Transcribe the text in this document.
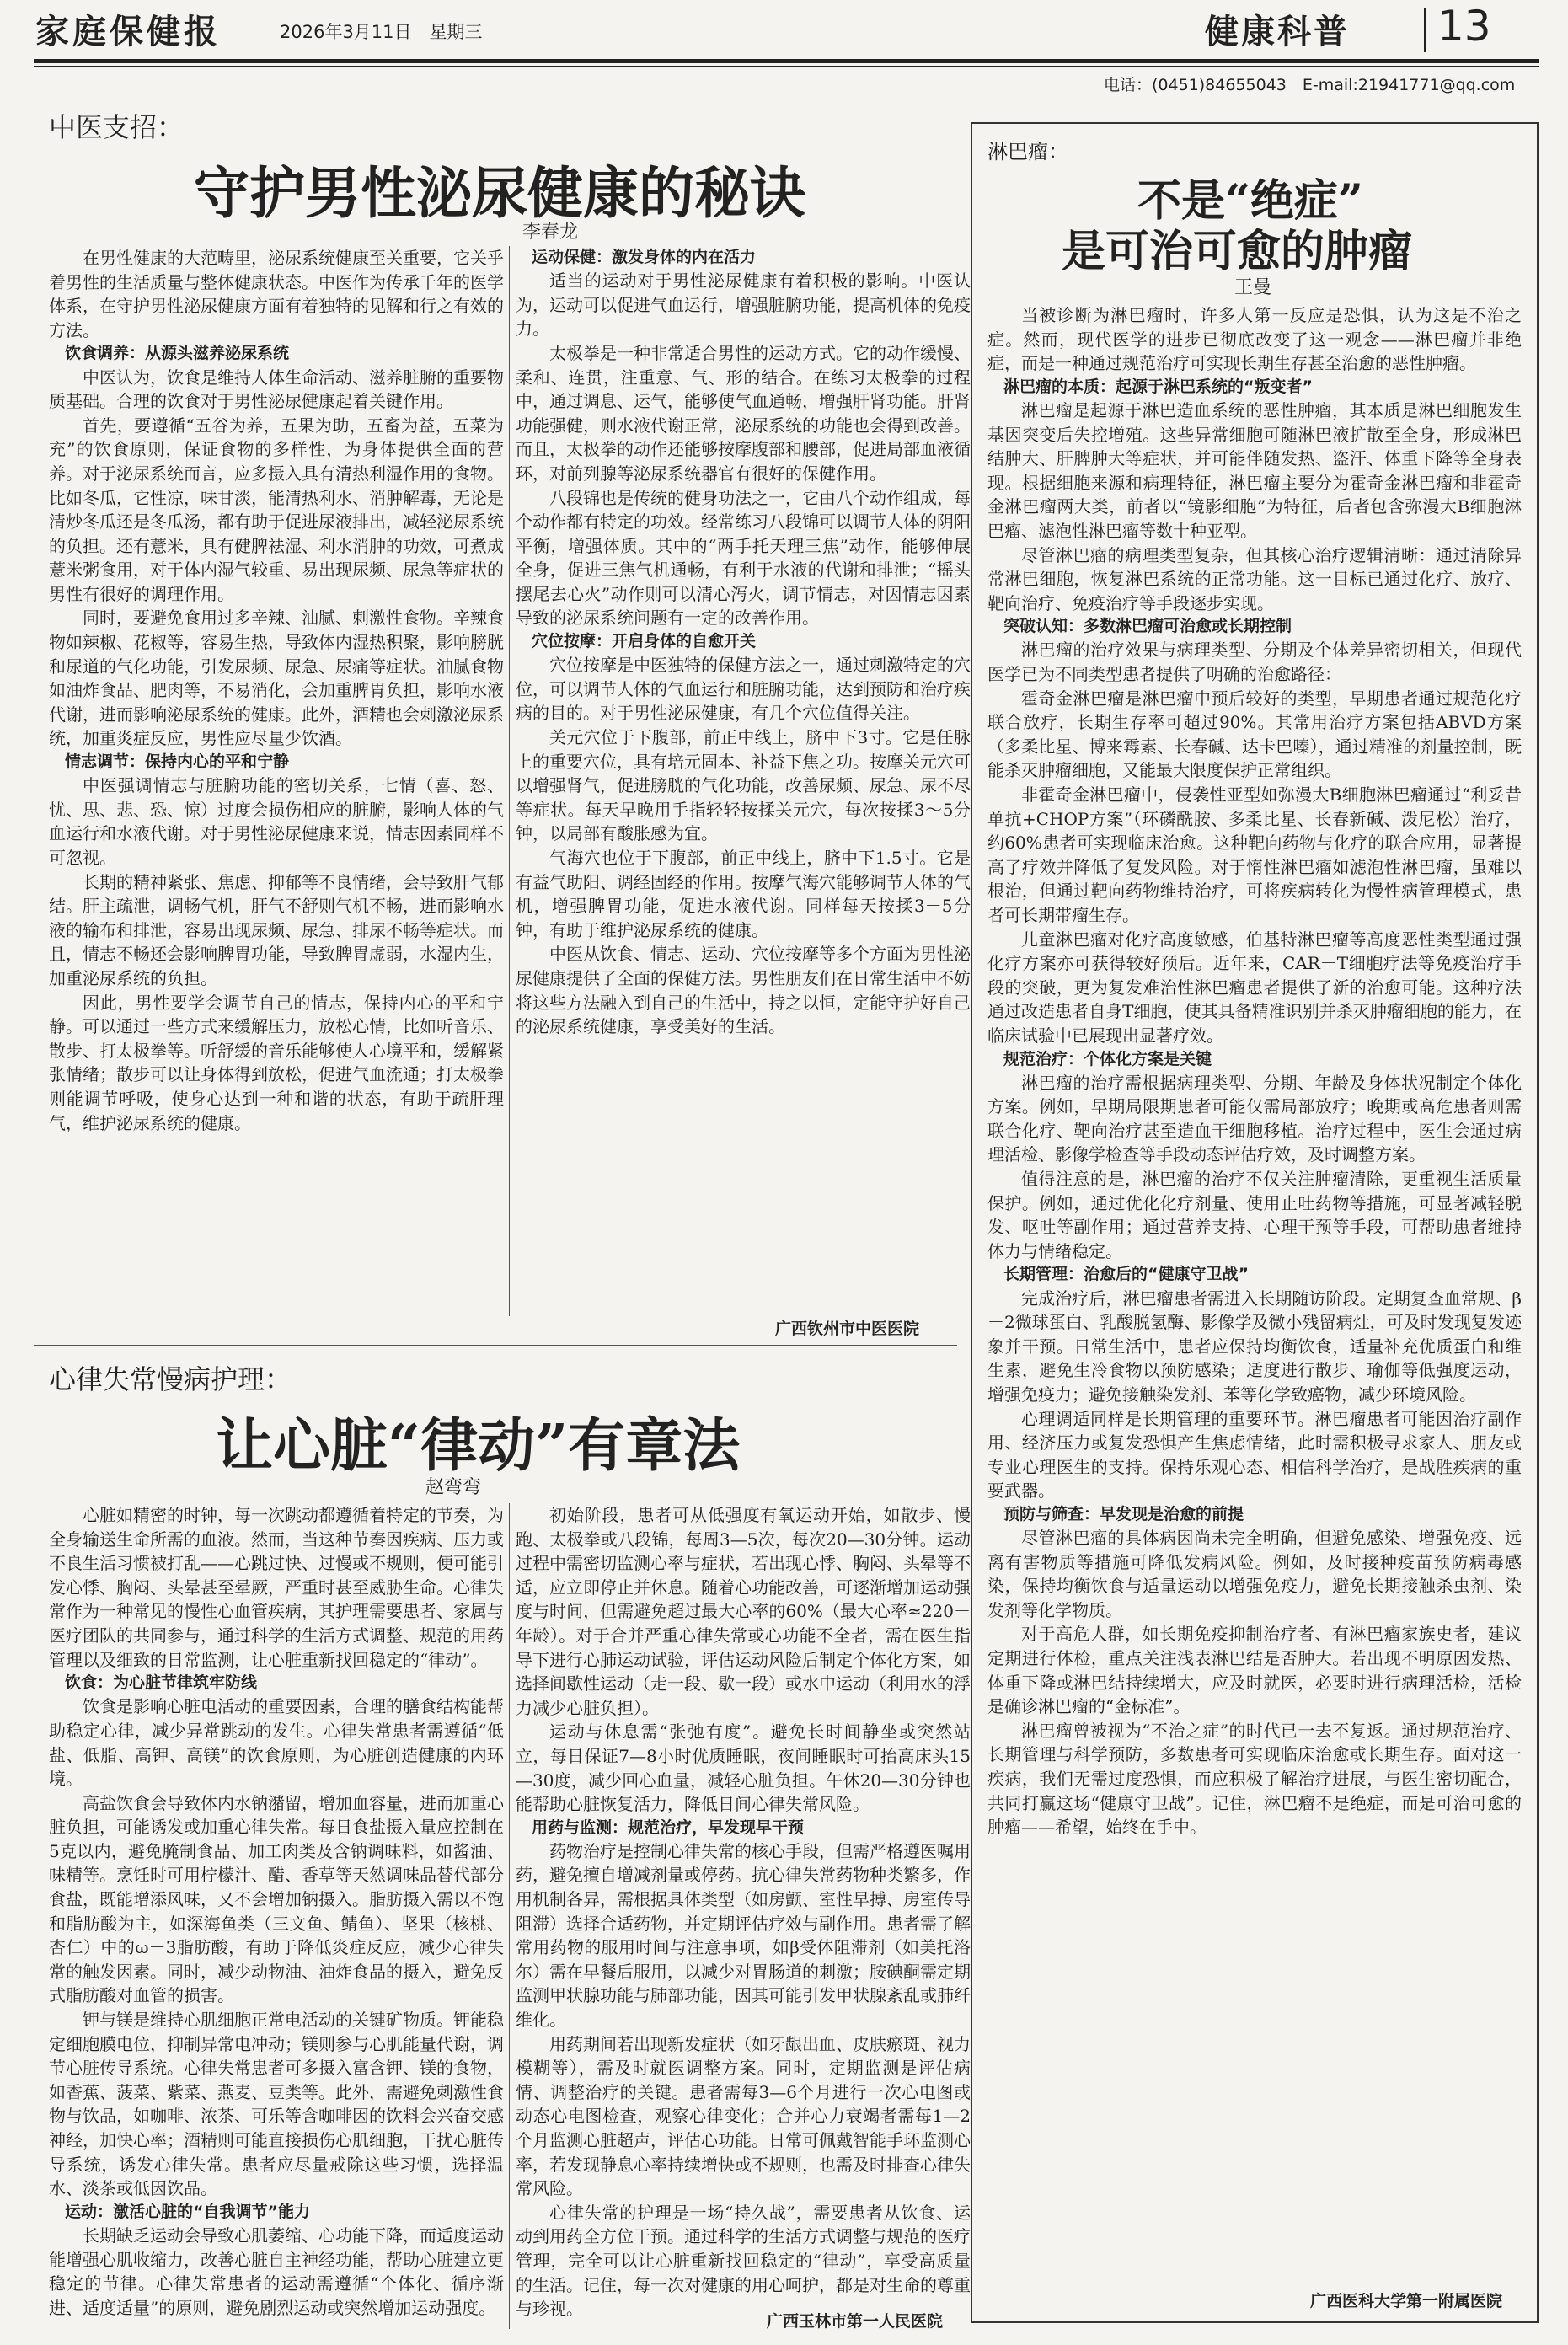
家庭保健报	2026年3月11日　星期三	健康科普 13
电话：(0451)84655043　E-mail:21941771@qq.com
中医支招：
守护男性泌尿健康的秘诀
李春龙

在男性健康的大范畴里，泌尿系统健康至关重要，它关乎着男性的生活质量与整体健康状态。中医作为传承千年的医学体系，在守护男性泌尿健康方面有着独特的见解和行之有效的方法。

饮食调养：从源头滋养泌尿系统

中医认为，饮食是维持人体生命活动、滋养脏腑的重要物质基础。合理的饮食对于男性泌尿健康起着关键作用。

首先，要遵循“五谷为养，五果为助，五畜为益，五菜为充”的饮食原则，保证食物的多样性，为身体提供全面的营养。对于泌尿系统而言，应多摄入具有清热利湿作用的食物。比如冬瓜，它性凉，味甘淡，能清热利水、消肿解毒，无论是清炒冬瓜还是冬瓜汤，都有助于促进尿液排出，减轻泌尿系统的负担。还有薏米，具有健脾祛湿、利水消肿的功效，可煮成薏米粥食用，对于体内湿气较重、易出现尿频、尿急等症状的男性有很好的调理作用。

同时，要避免食用过多辛辣、油腻、刺激性食物。辛辣食物如辣椒、花椒等，容易生热，导致体内湿热积聚，影响膀胱和尿道的气化功能，引发尿频、尿急、尿痛等症状。油腻食物如油炸食品、肥肉等，不易消化，会加重脾胃负担，影响水液代谢，进而影响泌尿系统的健康。此外，酒精也会刺激泌尿系统，加重炎症反应，男性应尽量少饮酒。

情志调节：保持内心的平和宁静

中医强调情志与脏腑功能的密切关系，七情（喜、怒、忧、思、悲、恐、惊）过度会损伤相应的脏腑，影响人体的气血运行和水液代谢。对于男性泌尿健康来说，情志因素同样不可忽视。

长期的精神紧张、焦虑、抑郁等不良情绪，会导致肝气郁结。肝主疏泄，调畅气机，肝气不舒则气机不畅，进而影响水液的输布和排泄，容易出现尿频、尿急、排尿不畅等症状。而且，情志不畅还会影响脾胃功能，导致脾胃虚弱，水湿内生，加重泌尿系统的负担。

因此，男性要学会调节自己的情志，保持内心的平和宁静。可以通过一些方式来缓解压力，放松心情，比如听音乐、散步、打太极拳等。听舒缓的音乐能够使人心境平和，缓解紧张情绪；散步可以让身体得到放松，促进气血流通；打太极拳则能调节呼吸，使身心达到一种和谐的状态，有助于疏肝理气，维护泌尿系统的健康。

运动保健：激发身体的内在活力

适当的运动对于男性泌尿健康有着积极的影响。中医认为，运动可以促进气血运行，增强脏腑功能，提高机体的免疫力。

太极拳是一种非常适合男性的运动方式。它的动作缓慢、柔和、连贯，注重意、气、形的结合。在练习太极拳的过程中，通过调息、运气，能够使气血通畅，增强肝肾功能。肝肾功能强健，则水液代谢正常，泌尿系统的功能也会得到改善。而且，太极拳的动作还能够按摩腹部和腰部，促进局部血液循环，对前列腺等泌尿系统器官有很好的保健作用。

八段锦也是传统的健身功法之一，它由八个动作组成，每个动作都有特定的功效。经常练习八段锦可以调节人体的阴阳平衡，增强体质。其中的“两手托天理三焦”动作，能够伸展全身，促进三焦气机通畅，有利于水液的代谢和排泄；“摇头摆尾去心火”动作则可以清心泻火，调节情志，对因情志因素导致的泌尿系统问题有一定的改善作用。

穴位按摩：开启身体的自愈开关

穴位按摩是中医独特的保健方法之一，通过刺激特定的穴位，可以调节人体的气血运行和脏腑功能，达到预防和治疗疾病的目的。对于男性泌尿健康，有几个穴位值得关注。

关元穴位于下腹部，前正中线上，脐中下3寸。它是任脉上的重要穴位，具有培元固本、补益下焦之功。按摩关元穴可以增强肾气，促进膀胱的气化功能，改善尿频、尿急、尿不尽等症状。每天早晚用手指轻轻按揉关元穴，每次按揉3～5分钟，以局部有酸胀感为宜。

气海穴也位于下腹部，前正中线上，脐中下1.5寸。它是有益气助阳、调经固经的作用。按摩气海穴能够调节人体的气机，增强脾胃功能，促进水液代谢。同样每天按揉3－5分钟，有助于维护泌尿系统的健康。

中医从饮食、情志、运动、穴位按摩等多个方面为男性泌尿健康提供了全面的保健方法。男性朋友们在日常生活中不妨将这些方法融入到自己的生活中，持之以恒，定能守护好自己的泌尿系统健康，享受美好的生活。

广西钦州市中医医院
心律失常慢病护理：
让心脏“律动”有章法
赵弯弯

心脏如精密的时钟，每一次跳动都遵循着特定的节奏，为全身输送生命所需的血液。然而，当这种节奏因疾病、压力或不良生活习惯被打乱——心跳过快、过慢或不规则，便可能引发心悸、胸闷、头晕甚至晕厥，严重时甚至威胁生命。心律失常作为一种常见的慢性心血管疾病，其护理需要患者、家属与医疗团队的共同参与，通过科学的生活方式调整、规范的用药管理以及细致的日常监测，让心脏重新找回稳定的“律动”。

饮食：为心脏节律筑牢防线

饮食是影响心脏电活动的重要因素，合理的膳食结构能帮助稳定心律，减少异常跳动的发生。心律失常患者需遵循“低盐、低脂、高钾、高镁”的饮食原则，为心脏创造健康的内环境。

高盐饮食会导致体内水钠潴留，增加血容量，进而加重心脏负担，可能诱发或加重心律失常。每日食盐摄入量应控制在5克以内，避免腌制食品、加工肉类及含钠调味料，如酱油、味精等。烹饪时可用柠檬汁、醋、香草等天然调味品替代部分食盐，既能增添风味，又不会增加钠摄入。脂肪摄入需以不饱和脂肪酸为主，如深海鱼类（三文鱼、鲭鱼）、坚果（核桃、杏仁）中的ω－3脂肪酸，有助于降低炎症反应，减少心律失常的触发因素。同时，减少动物油、油炸食品的摄入，避免反式脂肪酸对血管的损害。

钾与镁是维持心肌细胞正常电活动的关键矿物质。钾能稳定细胞膜电位，抑制异常电冲动；镁则参与心肌能量代谢，调节心脏传导系统。心律失常患者可多摄入富含钾、镁的食物，如香蕉、菠菜、紫菜、燕麦、豆类等。此外，需避免刺激性食物与饮品，如咖啡、浓茶、可乐等含咖啡因的饮料会兴奋交感神经，加快心率；酒精则可能直接损伤心肌细胞，干扰心脏传导系统，诱发心律失常。患者应尽量戒除这些习惯，选择温水、淡茶或低因饮品。

运动：激活心脏的“自我调节”能力

长期缺乏运动会导致心肌萎缩、心功能下降，而适度运动能增强心肌收缩力，改善心脏自主神经功能，帮助心脏建立更稳定的节律。心律失常患者的运动需遵循“个体化、循序渐进、适度适量”的原则，避免剧烈运动或突然增加运动强度。

初始阶段，患者可从低强度有氧运动开始，如散步、慢跑、太极拳或八段锦，每周3—5次，每次20—30分钟。运动过程中需密切监测心率与症状，若出现心悸、胸闷、头晕等不适，应立即停止并休息。随着心功能改善，可逐渐增加运动强度与时间，但需避免超过最大心率的60%（最大心率≈220－年龄）。对于合并严重心律失常或心功能不全者，需在医生指导下进行心肺运动试验，评估运动风险后制定个体化方案，如选择间歇性运动（走一段、歇一段）或水中运动（利用水的浮力减少心脏负担）。

运动与休息需“张弛有度”。避免长时间静坐或突然站立，每日保证7—8小时优质睡眠，夜间睡眠时可抬高床头15—30度，减少回心血量，减轻心脏负担。午休20—30分钟也能帮助心脏恢复活力，降低日间心律失常风险。

用药与监测：规范治疗，早发现早干预

药物治疗是控制心律失常的核心手段，但需严格遵医嘱用药，避免擅自增减剂量或停药。抗心律失常药物种类繁多，作用机制各异，需根据具体类型（如房颤、室性早搏、房室传导阻滞）选择合适药物，并定期评估疗效与副作用。患者需了解常用药物的服用时间与注意事项，如β受体阻滞剂（如美托洛尔）需在早餐后服用，以减少对胃肠道的刺激；胺碘酮需定期监测甲状腺功能与肺部功能，因其可能引发甲状腺紊乱或肺纤维化。

用药期间若出现新发症状（如牙龈出血、皮肤瘀斑、视力模糊等），需及时就医调整方案。同时，定期监测是评估病情、调整治疗的关键。患者需每3—6个月进行一次心电图或动态心电图检查，观察心律变化；合并心力衰竭者需每1—2个月监测心脏超声，评估心功能。日常可佩戴智能手环监测心率，若发现静息心率持续增快或不规则，也需及时排查心律失常风险。

心律失常的护理是一场“持久战”，需要患者从饮食、运动到用药全方位干预。通过科学的生活方式调整与规范的医疗管理，完全可以让心脏重新找回稳定的“律动”，享受高质量的生活。记住，每一次对健康的用心呵护，都是对生命的尊重与珍视。

广西玉林市第一人民医院
淋巴瘤：
不是“绝症”
是可治可愈的肿瘤
王曼

当被诊断为淋巴瘤时，许多人第一反应是恐惧，认为这是不治之症。然而，现代医学的进步已彻底改变了这一观念——淋巴瘤并非绝症，而是一种通过规范治疗可实现长期生存甚至治愈的恶性肿瘤。

淋巴瘤的本质：起源于淋巴系统的“叛变者”

淋巴瘤是起源于淋巴造血系统的恶性肿瘤，其本质是淋巴细胞发生基因突变后失控增殖。这些异常细胞可随淋巴液扩散至全身，形成淋巴结肿大、肝脾肿大等症状，并可能伴随发热、盗汗、体重下降等全身表现。根据细胞来源和病理特征，淋巴瘤主要分为霍奇金淋巴瘤和非霍奇金淋巴瘤两大类，前者以“镜影细胞”为特征，后者包含弥漫大B细胞淋巴瘤、滤泡性淋巴瘤等数十种亚型。

尽管淋巴瘤的病理类型复杂，但其核心治疗逻辑清晰：通过清除异常淋巴细胞，恢复淋巴系统的正常功能。这一目标已通过化疗、放疗、靶向治疗、免疫治疗等手段逐步实现。

突破认知：多数淋巴瘤可治愈或长期控制

淋巴瘤的治疗效果与病理类型、分期及个体差异密切相关，但现代医学已为不同类型患者提供了明确的治愈路径：

霍奇金淋巴瘤是淋巴瘤中预后较好的类型，早期患者通过规范化疗联合放疗，长期生存率可超过90%。其常用治疗方案包括ABVD方案（多柔比星、博来霉素、长春碱、达卡巴嗪），通过精准的剂量控制，既能杀灭肿瘤细胞，又能最大限度保护正常组织。

非霍奇金淋巴瘤中，侵袭性亚型如弥漫大B细胞淋巴瘤通过“利妥昔单抗+CHOP方案”（环磷酰胺、多柔比星、长春新碱、泼尼松）治疗，约60%患者可实现临床治愈。这种靶向药物与化疗的联合应用，显著提高了疗效并降低了复发风险。对于惰性淋巴瘤如滤泡性淋巴瘤，虽难以根治，但通过靶向药物维持治疗，可将疾病转化为慢性病管理模式，患者可长期带瘤生存。

儿童淋巴瘤对化疗高度敏感，伯基特淋巴瘤等高度恶性类型通过强化疗方案亦可获得较好预后。近年来，CAR－T细胞疗法等免疫治疗手段的突破，更为复发难治性淋巴瘤患者提供了新的治愈可能。这种疗法通过改造患者自身T细胞，使其具备精准识别并杀灭肿瘤细胞的能力，在临床试验中已展现出显著疗效。

规范治疗：个体化方案是关键

淋巴瘤的治疗需根据病理类型、分期、年龄及身体状况制定个体化方案。例如，早期局限期患者可能仅需局部放疗；晚期或高危患者则需联合化疗、靶向治疗甚至造血干细胞移植。治疗过程中，医生会通过病理活检、影像学检查等手段动态评估疗效，及时调整方案。

值得注意的是，淋巴瘤的治疗不仅关注肿瘤清除，更重视生活质量保护。例如，通过优化化疗剂量、使用止吐药物等措施，可显著减轻脱发、呕吐等副作用；通过营养支持、心理干预等手段，可帮助患者维持体力与情绪稳定。

长期管理：治愈后的“健康守卫战”

完成治疗后，淋巴瘤患者需进入长期随访阶段。定期复查血常规、β－2微球蛋白、乳酸脱氢酶、影像学及微小残留病灶，可及时发现复发迹象并干预。日常生活中，患者应保持均衡饮食，适量补充优质蛋白和维生素，避免生冷食物以预防感染；适度进行散步、瑜伽等低强度运动，增强免疫力；避免接触染发剂、苯等化学致癌物，减少环境风险。

心理调适同样是长期管理的重要环节。淋巴瘤患者可能因治疗副作用、经济压力或复发恐惧产生焦虑情绪，此时需积极寻求家人、朋友或专业心理医生的支持。保持乐观心态、相信科学治疗，是战胜疾病的重要武器。

预防与筛查：早发现是治愈的前提

尽管淋巴瘤的具体病因尚未完全明确，但避免感染、增强免疫、远离有害物质等措施可降低发病风险。例如，及时接种疫苗预防病毒感染，保持均衡饮食与适量运动以增强免疫力，避免长期接触杀虫剂、染发剂等化学物质。

对于高危人群，如长期免疫抑制治疗者、有淋巴瘤家族史者，建议定期进行体检，重点关注浅表淋巴结是否肿大。若出现不明原因发热、体重下降或淋巴结持续增大，应及时就医，必要时进行病理活检，活检是确诊淋巴瘤的“金标准”。

淋巴瘤曾被视为“不治之症”的时代已一去不复返。通过规范治疗、长期管理与科学预防，多数患者可实现临床治愈或长期生存。面对这一疾病，我们无需过度恐惧，而应积极了解治疗进展，与医生密切配合，共同打赢这场“健康守卫战”。记住，淋巴瘤不是绝症，而是可治可愈的肿瘤——希望，始终在手中。

广西医科大学第一附属医院
